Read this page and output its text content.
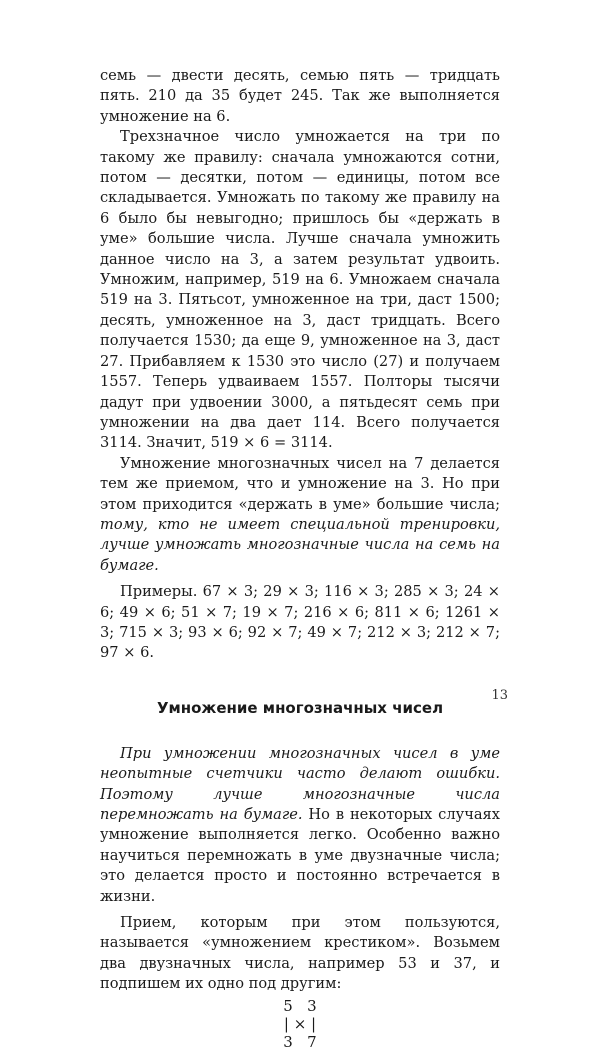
семь — двести десять, семью пять — тридцать пять. 210 да 35 будет 245. Так же выполняется умножение на 6.

Трехзначное число умножается на три по такому же правилу: сначала умножаются сотни, потом — десятки, потом — единицы, потом все складывается. Умножать по такому же правилу на 6 было бы невыгодно; пришлось бы «держать в уме» большие числа. Лучше сначала умножить данное число на 3, а затем результат удвоить. Умножим, например, 519 на 6. Умножаем сначала 519 на 3. Пятьсот, умноженное на три, даст 1500; десять, умноженное на 3, даст тридцать. Всего получается 1530; да еще 9, умноженное на 3, даст 27. Прибавляем к 1530 это число (27) и получаем 1557. Теперь удваиваем 1557. Полторы тысячи дадут при удвоении 3000, а пятьдесят семь при умножении на два дает 114. Всего получается 3114. Значит, 519 × 6 = 3114.

Умножение многозначных чисел на 7 делается тем же приемом, что и умножение на 3. Но при этом приходится «держать в уме» большие числа; тому, кто не имеет специальной тренировки, лучше умножать многозначные числа на семь на бумаге.

Примеры. 67 × 3; 29 × 3; 116 × 3; 285 × 3; 24 × 6; 49 × 6; 51 × 7; 19 × 7; 216 × 6; 811 × 6; 1261 × 3; 715 × 3; 93 × 6; 92 × 7; 49 × 7; 212 × 3; 212 × 7; 97 × 6.

Умножение многозначных чисел

При умножении многозначных чисел в уме неопытные счетчики часто делают ошибки. Поэтому лучше многозначные числа перемножать на бумаге. Но в некоторых случаях умножение выполняется легко. Особенно важно научиться перемножать в уме двузначные числа; это делается просто и постоянно встречается в жизни.

Прием, которым при этом пользуются, называется «умножением крестиком». Возьмем два двузначных числа, например 53 и 37, и подпишем их одно под другим:

5   3
| × |
3   7
13
